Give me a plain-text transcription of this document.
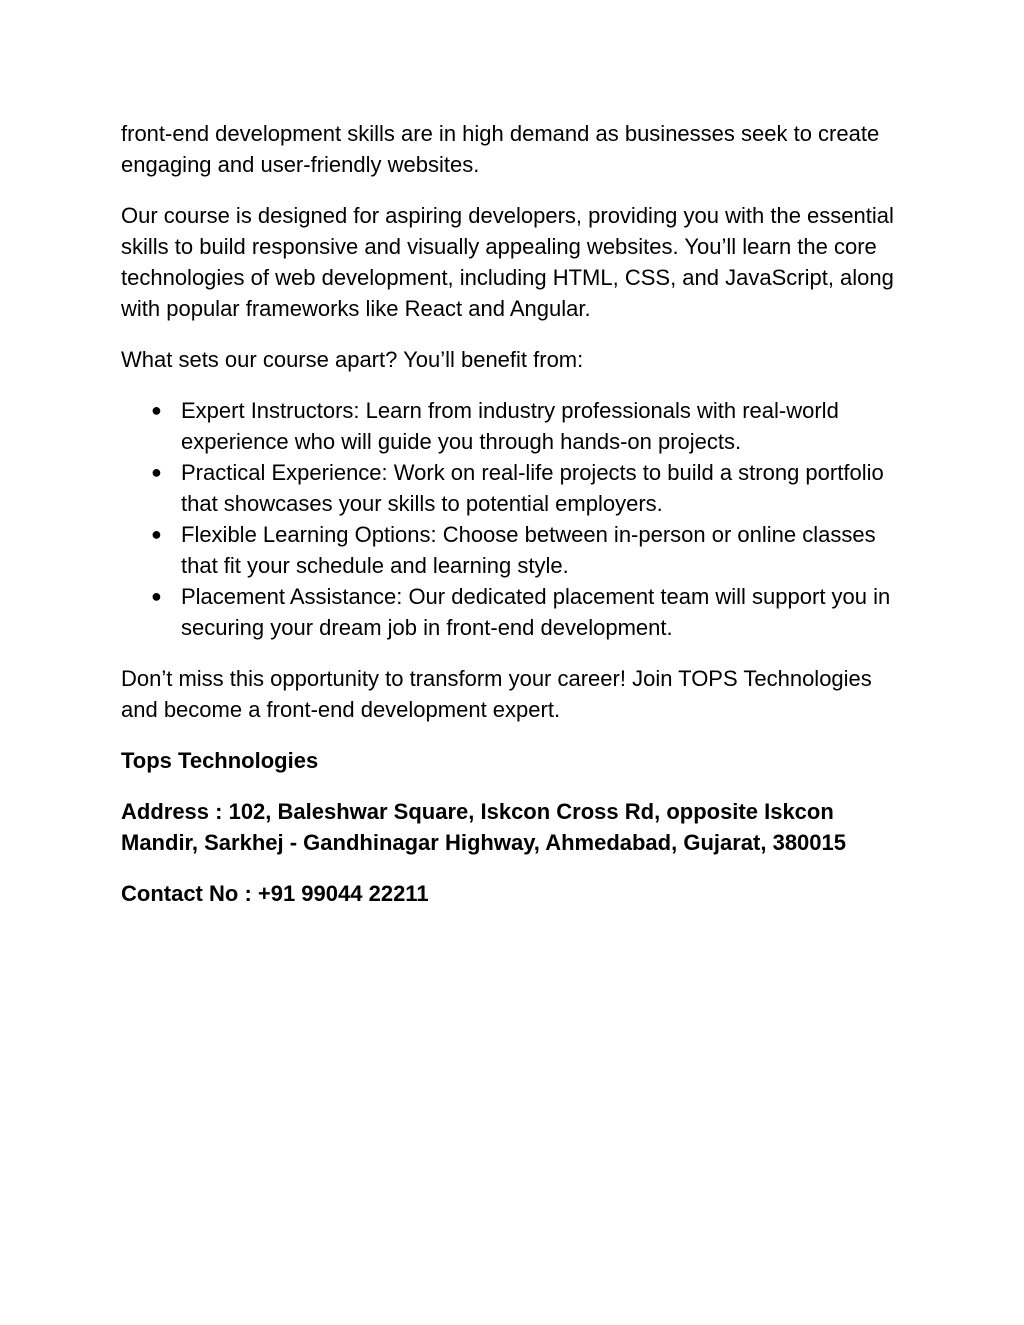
front-end development skills are in high demand as businesses seek to create engaging and user-friendly websites.

Our course is designed for aspiring developers, providing you with the essential skills to build responsive and visually appealing websites. You’ll learn the core technologies of web development, including HTML, CSS, and JavaScript, along with popular frameworks like React and Angular.

What sets our course apart? You’ll benefit from:

● Expert Instructors: Learn from industry professionals with real-world experience who will guide you through hands-on projects.
● Practical Experience: Work on real-life projects to build a strong portfolio that showcases your skills to potential employers.
● Flexible Learning Options: Choose between in-person or online classes that fit your schedule and learning style.
● Placement Assistance: Our dedicated placement team will support you in securing your dream job in front-end development.

Don’t miss this opportunity to transform your career! Join TOPS Technologies and become a front-end development expert.

Tops Technologies

Address : 102, Baleshwar Square, Iskcon Cross Rd, opposite Iskcon Mandir, Sarkhej - Gandhinagar Highway, Ahmedabad, Gujarat, 380015

Contact No : +91 99044 22211
